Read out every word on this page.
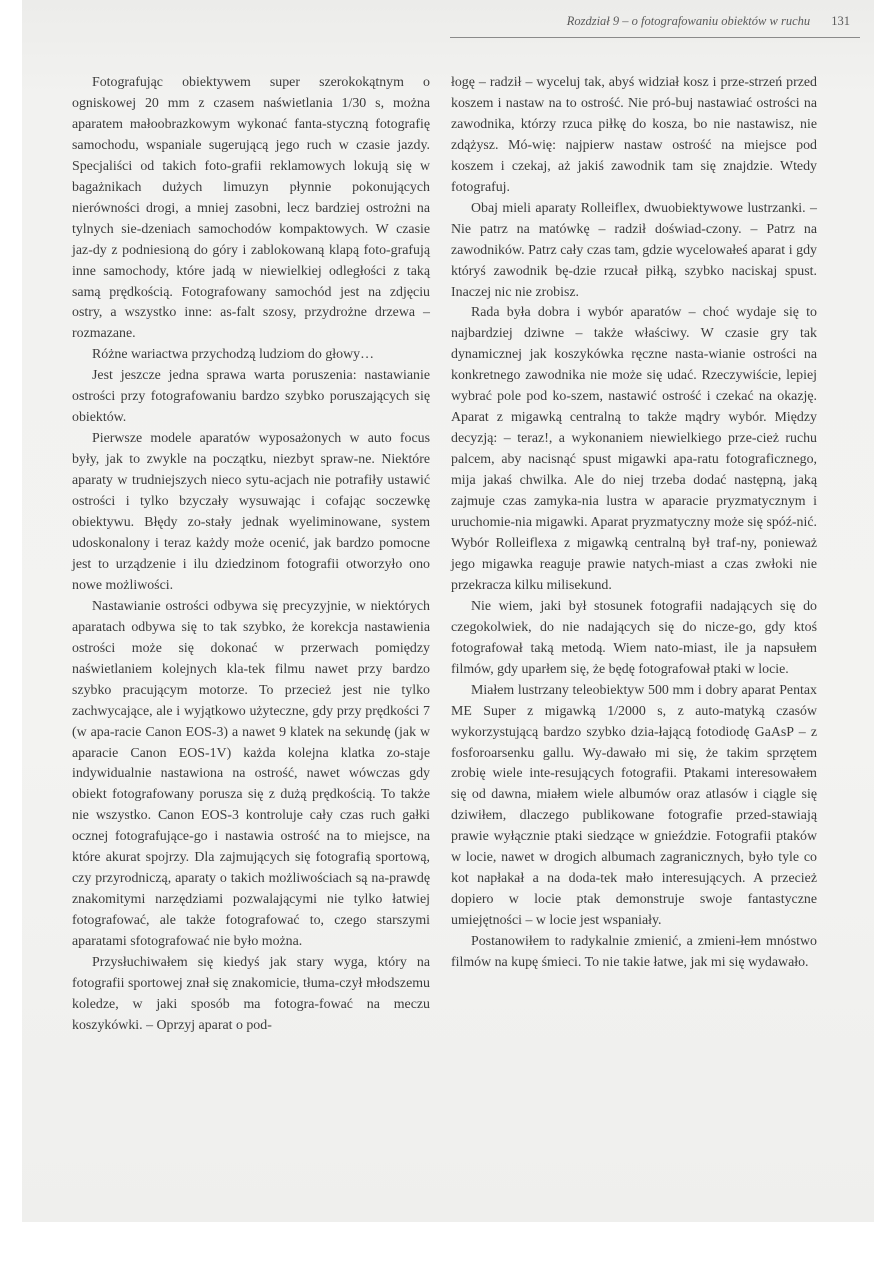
Rozdział 9 – o fotografowaniu obiektów w ruchu 131

Fotografując obiektywem super szerokokątnym o ogniskowej 20 mm z czasem naświetlania 1/30 s, można aparatem małoobrazkowym wykonać fanta-styczną fotografię samochodu, wspaniale sugerującą jego ruch w czasie jazdy. Specjaliści od takich foto-grafii reklamowych lokują się w bagażnikach dużych limuzyn płynnie pokonujących nierówności drogi, a mniej zasobni, lecz bardziej ostrożni na tylnych sie-dzeniach samochodów kompaktowych. W czasie jaz-dy z podniesioną do góry i zablokowaną klapą foto-grafują inne samochody, które jadą w niewielkiej odległości z taką samą prędkością. Fotografowany samochód jest na zdjęciu ostry, a wszystko inne: as-falt szosy, przydrożne drzewa – rozmazane.

Różne wariactwa przychodzą ludziom do głowy…

Jest jeszcze jedna sprawa warta poruszenia: nastawianie ostrości przy fotografowaniu bardzo szybko poruszających się obiektów.

Pierwsze modele aparatów wyposażonych w auto focus były, jak to zwykle na początku, niezbyt spraw-ne. Niektóre aparaty w trudniejszych nieco sytu-acjach nie potrafiły ustawić ostrości i tylko bzyczały wysuwając i cofając soczewkę obiektywu. Błędy zo-stały jednak wyeliminowane, system udoskonalony i teraz każdy może ocenić, jak bardzo pomocne jest to urządzenie i ilu dziedzinom fotografii otworzyło ono nowe możliwości.

Nastawianie ostrości odbywa się precyzyjnie, w niektórych aparatach odbywa się to tak szybko, że korekcja nastawienia ostrości może się dokonać w przerwach pomiędzy naświetlaniem kolejnych kla-tek filmu nawet przy bardzo szybko pracującym motorze. To przecież jest nie tylko zachwycające, ale i wyjątkowo użyteczne, gdy przy prędkości 7 (w apa-racie Canon EOS-3) a nawet 9 klatek na sekundę (jak w aparacie Canon EOS-1V) każda kolejna klatka zo-staje indywidualnie nastawiona na ostrość, nawet wówczas gdy obiekt fotografowany porusza się z dużą prędkością. To także nie wszystko. Canon EOS-3 kontroluje cały czas ruch gałki ocznej fotografujące-go i nastawia ostrość na to miejsce, na które akurat spojrzy. Dla zajmujących się fotografią sportową, czy przyrodniczą, aparaty o takich możliwościach są na-prawdę znakomitymi narzędziami pozwalającymi nie tylko łatwiej fotografować, ale także fotografować to, czego starszymi aparatami sfotografować nie było można.

Przysłuchiwałem się kiedyś jak stary wyga, który na fotografii sportowej znał się znakomicie, tłuma-czył młodszemu koledze, w jaki sposób ma fotogra-fować na meczu koszykówki. – Oprzyj aparat o pod-

łogę – radził – wyceluj tak, abyś widział kosz i prze-strzeń przed koszem i nastaw na to ostrość. Nie pró-buj nastawiać ostrości na zawodnika, którzy rzuca piłkę do kosza, bo nie nastawisz, nie zdążysz. Mó-wię: najpierw nastaw ostrość na miejsce pod koszem i czekaj, aż jakiś zawodnik tam się znajdzie. Wtedy fotografuj.

Obaj mieli aparaty Rolleiflex, dwuobiektywowe lustrzanki. – Nie patrz na matówkę – radził doświad-czony. – Patrz na zawodników. Patrz cały czas tam, gdzie wycelowałeś aparat i gdy któryś zawodnik bę-dzie rzucał piłką, szybko naciskaj spust. Inaczej nic nie zrobisz.

Rada była dobra i wybór aparatów – choć wydaje się to najbardziej dziwne – także właściwy. W czasie gry tak dynamicznej jak koszykówka ręczne nasta-wianie ostrości na konkretnego zawodnika nie może się udać. Rzeczywiście, lepiej wybrać pole pod ko-szem, nastawić ostrość i czekać na okazję. Aparat z migawką centralną to także mądry wybór. Między decyzją: – teraz!, a wykonaniem niewielkiego prze-cież ruchu palcem, aby nacisnąć spust migawki apa-ratu fotograficznego, mija jakaś chwilka. Ale do niej trzeba dodać następną, jaką zajmuje czas zamyka-nia lustra w aparacie pryzmatycznym i uruchomie-nia migawki. Aparat pryzmatyczny może się spóź-nić. Wybór Rolleiflexa z migawką centralną był traf-ny, ponieważ jego migawka reaguje prawie natych-miast a czas zwłoki nie przekracza kilku milisekund.

Nie wiem, jaki był stosunek fotografii nadających się do czegokolwiek, do nie nadających się do nicze-go, gdy ktoś fotografował taką metodą. Wiem nato-miast, ile ja napsułem filmów, gdy uparłem się, że będę fotografował ptaki w locie.

Miałem lustrzany teleobiektyw 500 mm i dobry aparat Pentax ME Super z migawką 1/2000 s, z auto-matyką czasów wykorzystującą bardzo szybko dzia-łającą fotodiodę GaAsP – z fosforoarsenku gallu. Wy-dawało mi się, że takim sprzętem zrobię wiele inte-resujących fotografii. Ptakami interesowałem się od dawna, miałem wiele albumów oraz atlasów i ciągle się dziwiłem, dlaczego publikowane fotografie przed-stawiają prawie wyłącznie ptaki siedzące w gnieździe. Fotografii ptaków w locie, nawet w drogich albumach zagranicznych, było tyle co kot napłakał a na doda-tek mało interesujących. A przecież dopiero w locie ptak demonstruje swoje fantastyczne umiejętności – w locie jest wspaniały.

Postanowiłem to radykalnie zmienić, a zmieni-łem mnóstwo filmów na kupę śmieci. To nie takie łatwe, jak mi się wydawało.
